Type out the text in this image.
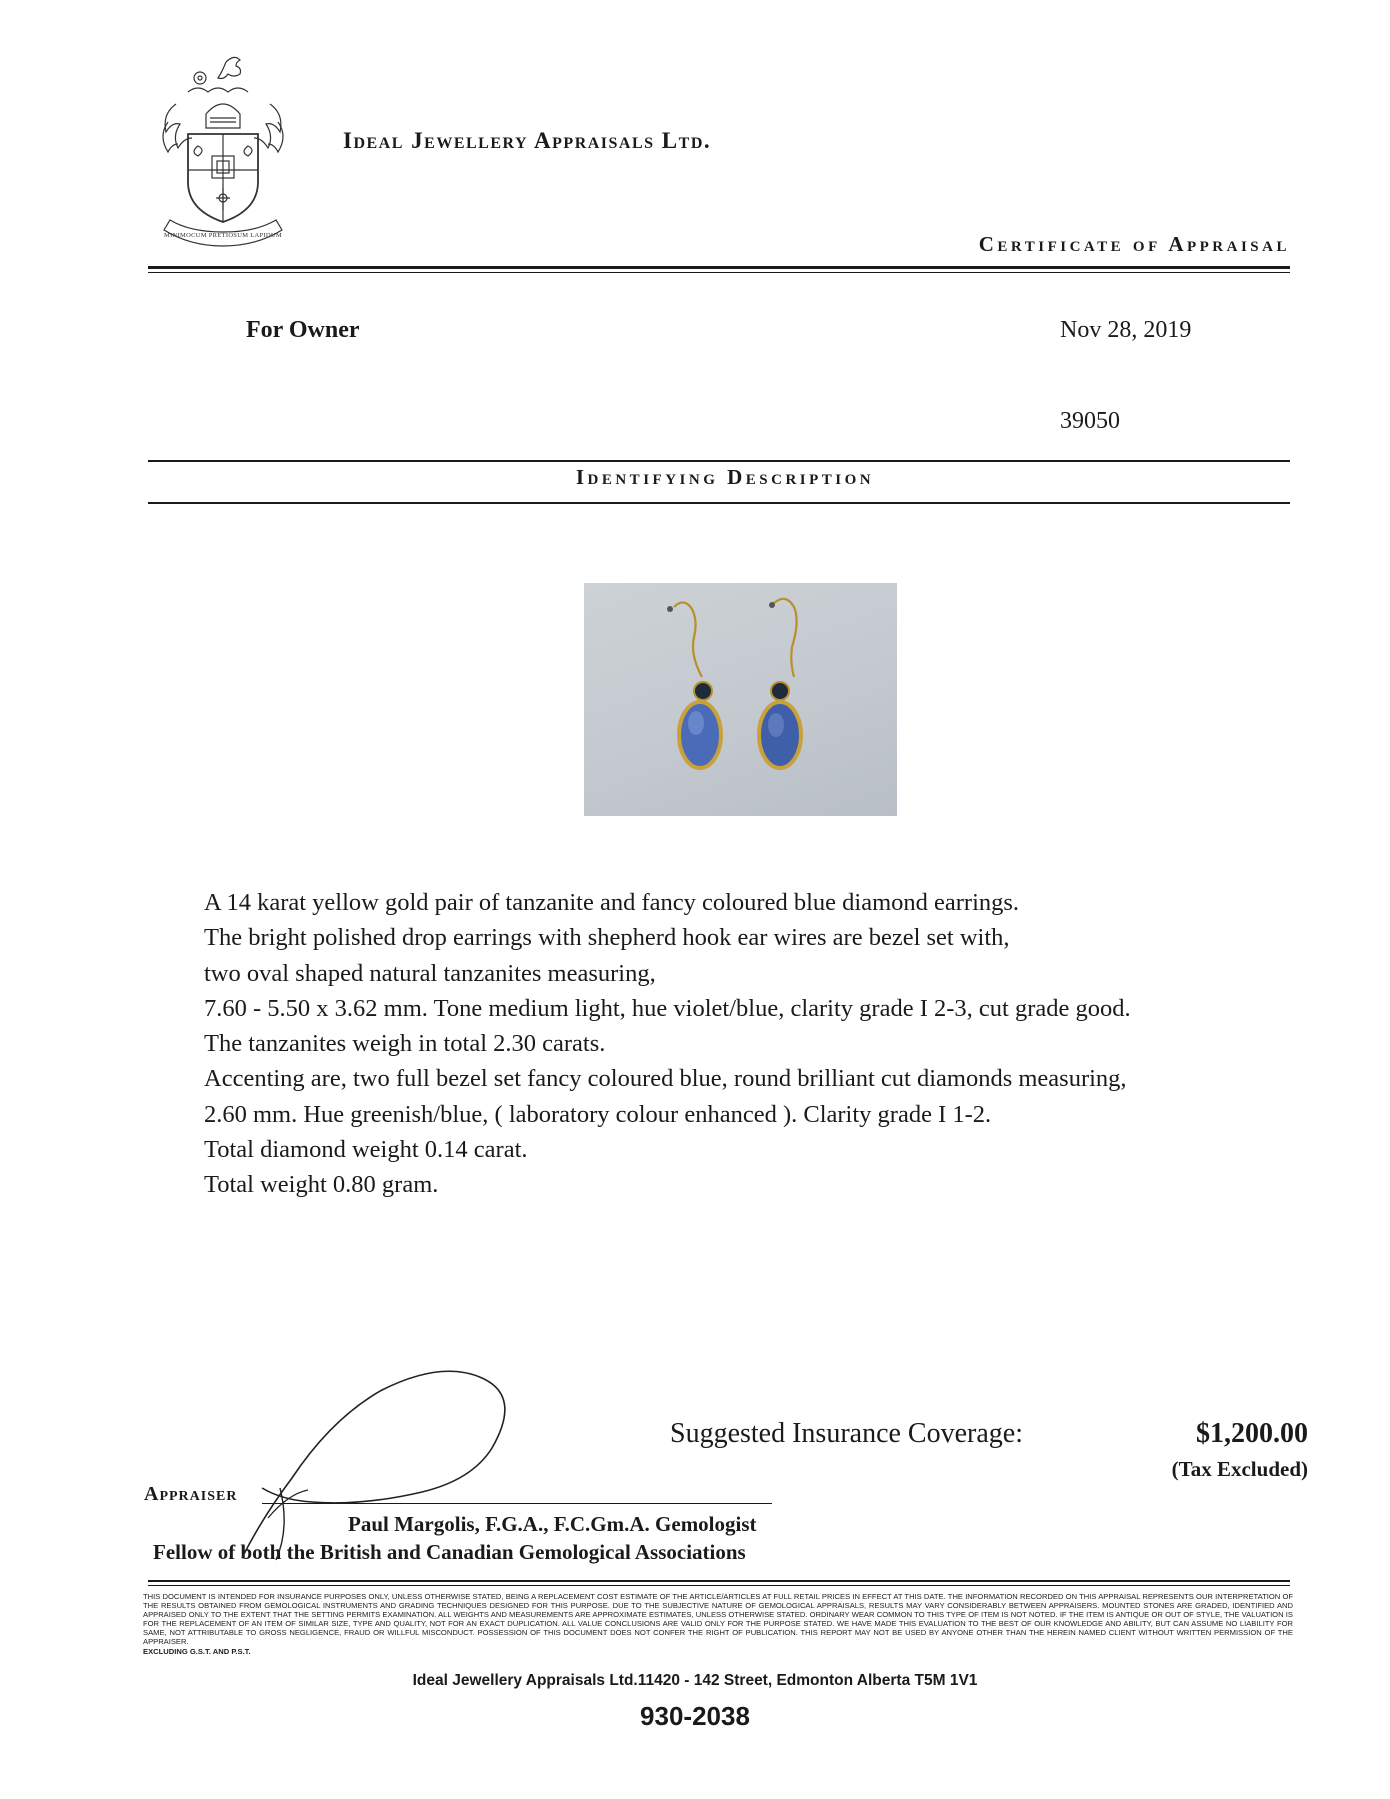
MINIMOCUM PRETIOSUM LAPIDUM
Ideal Jewellery Appraisals Ltd.
Certificate of Appraisal
For Owner	Nov 28, 2019
39050
Identifying Description
A 14 karat yellow gold pair of tanzanite and fancy coloured blue diamond earrings.
The bright polished drop earrings with shepherd hook ear wires are bezel set with,
two oval shaped natural tanzanites measuring,
7.60 - 5.50 x 3.62 mm. Tone medium light, hue violet/blue, clarity grade I 2-3, cut grade good.
The tanzanites weigh in total 2.30 carats.
Accenting are, two full bezel set fancy coloured blue, round brilliant cut diamonds measuring,
2.60 mm. Hue greenish/blue, ( laboratory colour enhanced ). Clarity grade I 1-2.
Total diamond weight 0.14 carat.
Total weight 0.80 gram.
Suggested Insurance Coverage:	$1,200.00
(Tax Excluded)
Appraiser
Paul Margolis, F.G.A., F.C.Gm.A. Gemologist
Fellow of both the British and Canadian Gemological Associations
THIS DOCUMENT IS INTENDED FOR INSURANCE PURPOSES ONLY, UNLESS OTHERWISE STATED, BEING A REPLACEMENT COST ESTIMATE OF THE ARTICLE/ARTICLES AT FULL RETAIL PRICES IN EFFECT AT THIS DATE. THE INFORMATION RECORDED ON THIS APPRAISAL REPRESENTS OUR INTERPRETATION OF THE RESULTS OBTAINED FROM GEMOLOGICAL INSTRUMENTS AND GRADING TECHNIQUES DESIGNED FOR THIS PURPOSE. DUE TO THE SUBJECTIVE NATURE OF GEMOLOGICAL APPRAISALS, RESULTS MAY VARY CONSIDERABLY BETWEEN APPRAISERS. MOUNTED STONES ARE GRADED, IDENTIFIED AND APPRAISED ONLY TO THE EXTENT THAT THE SETTING PERMITS EXAMINATION. ALL WEIGHTS AND MEASUREMENTS ARE APPROXIMATE ESTIMATES, UNLESS OTHERWISE STATED. ORDINARY WEAR COMMON TO THIS TYPE OF ITEM IS NOT NOTED. IF THE ITEM IS ANTIQUE OR OUT OF STYLE, THE VALUATION IS FOR THE REPLACEMENT OF AN ITEM OF SIMILAR SIZE, TYPE AND QUALITY, NOT FOR AN EXACT DUPLICATION. ALL VALUE CONCLUSIONS ARE VALID ONLY FOR THE PURPOSE STATED. WE HAVE MADE THIS EVALUATION TO THE BEST OF OUR KNOWLEDGE AND ABILITY, BUT CAN ASSUME NO LIABILITY FOR SAME, NOT ATTRIBUTABLE TO GROSS NEGLIGENCE, FRAUD OR WILLFUL MISCONDUCT. POSSESSION OF THIS DOCUMENT DOES NOT CONFER THE RIGHT OF PUBLICATION. THIS REPORT MAY NOT BE USED BY ANYONE OTHER THAN THE HEREIN NAMED CLIENT WITHOUT WRITTEN PERMISSION OF THE APPRAISER.
EXCLUDING G.S.T. AND P.S.T.
Ideal Jewellery Appraisals Ltd.11420 - 142 Street, Edmonton Alberta T5M 1V1
930-2038
